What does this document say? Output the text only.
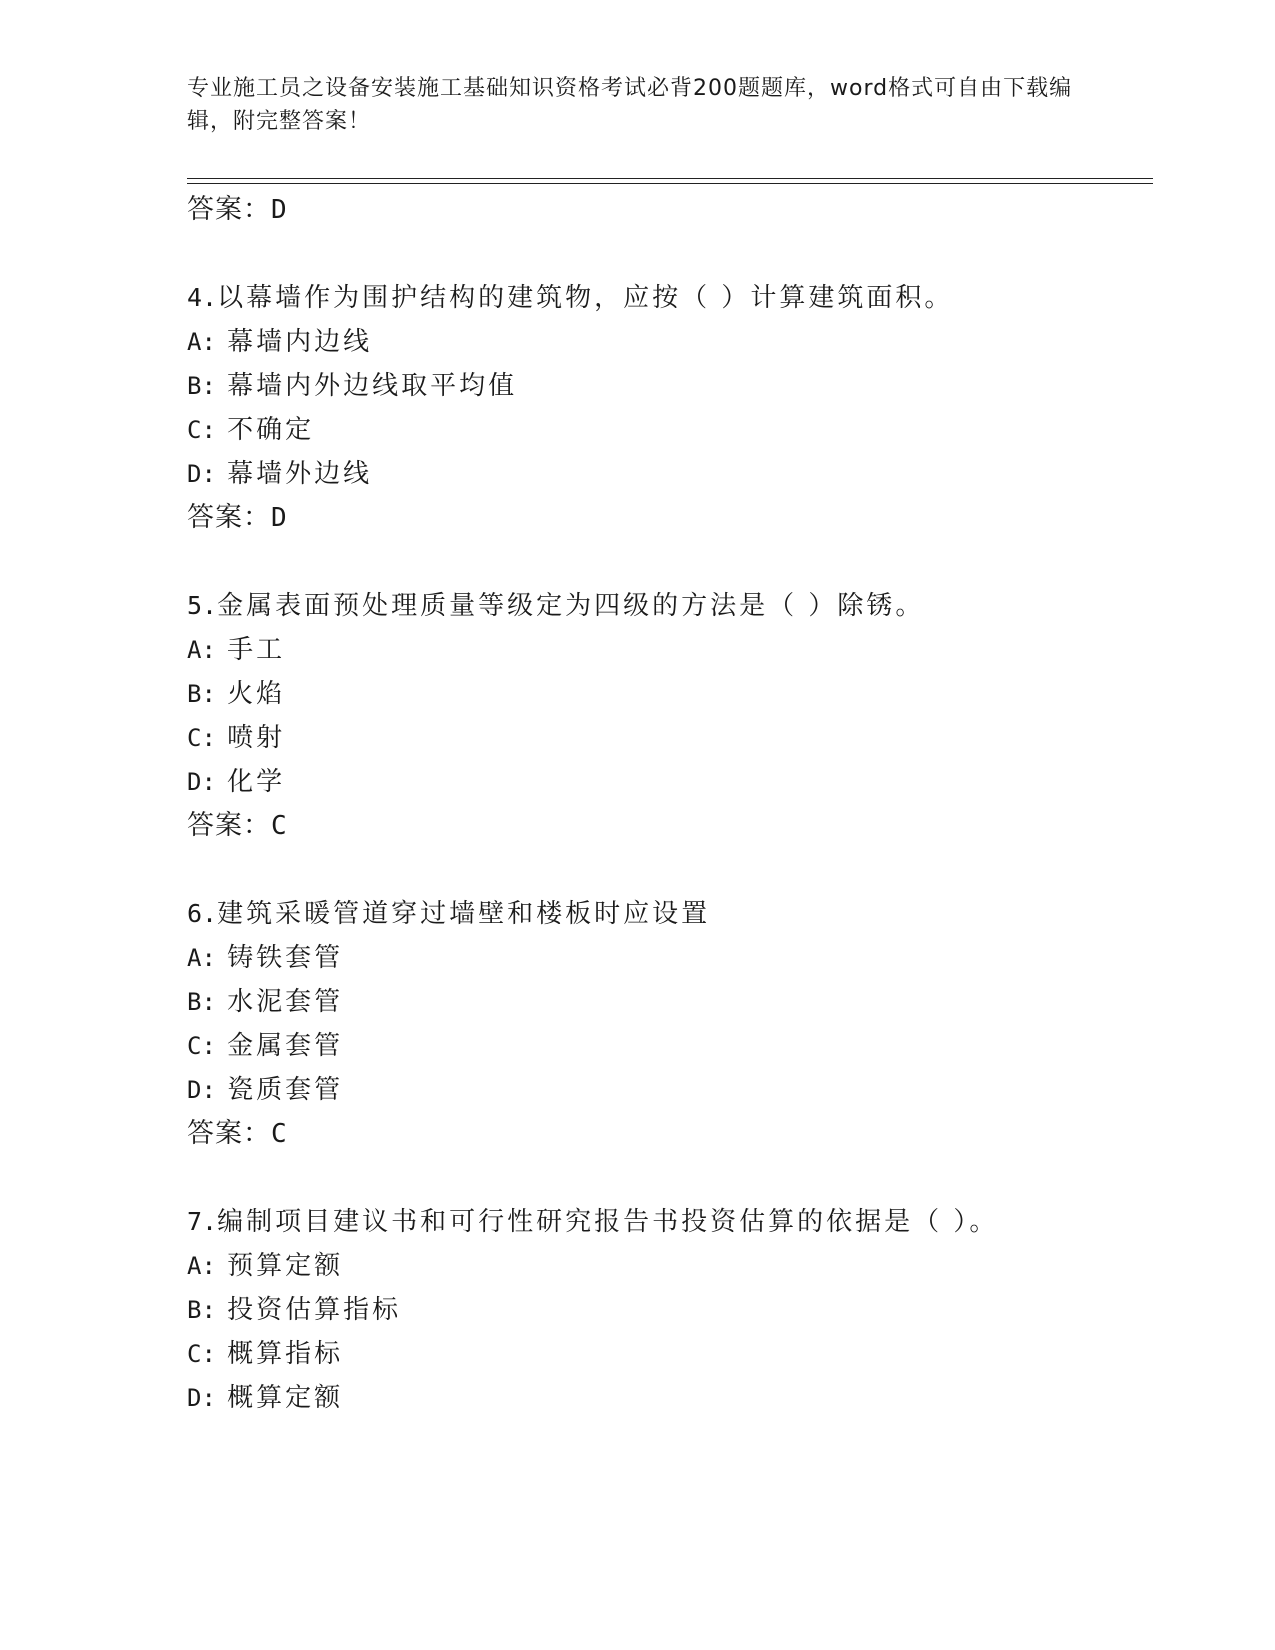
专业施工员之设备安装施工基础知识资格考试必背200题题库，word格式可自由下载编辑，附完整答案！
答案：D
4.以幕墙作为围护结构的建筑物，应按（ ）计算建筑面积。
A: 幕墙内边线
B: 幕墙内外边线取平均值
C: 不确定
D: 幕墙外边线
答案：D
5.金属表面预处理质量等级定为四级的方法是（ ）除锈。
A: 手工
B: 火焰
C: 喷射
D: 化学
答案：C
6.建筑采暖管道穿过墙壁和楼板时应设置
A: 铸铁套管
B: 水泥套管
C: 金属套管
D: 瓷质套管
答案：C
7.编制项目建议书和可行性研究报告书投资估算的依据是（ ）。
A: 预算定额
B: 投资估算指标
C: 概算指标
D: 概算定额
